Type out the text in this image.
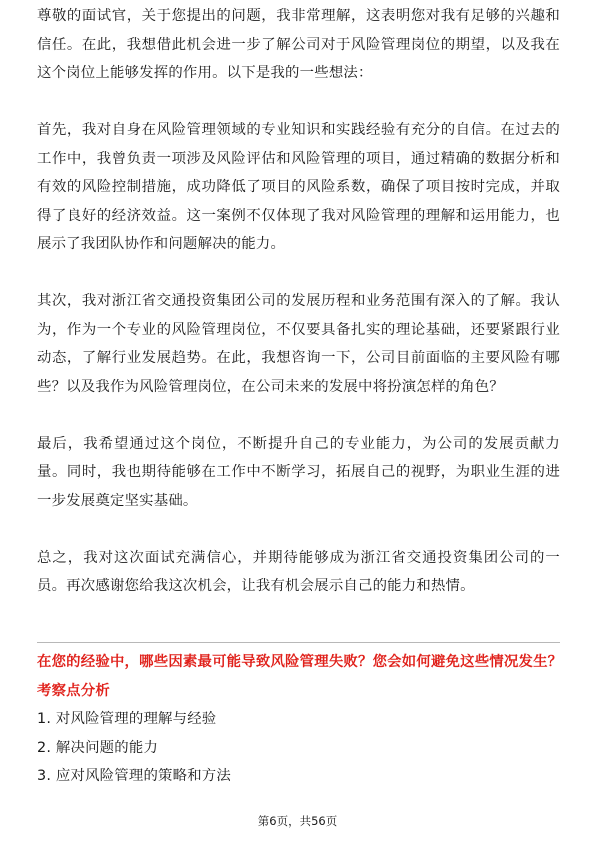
尊敬的面试官，关于您提出的问题，我非常理解，这表明您对我有足够的兴趣和信任。在此，我想借此机会进一步了解公司对于风险管理岗位的期望，以及我在这个岗位上能够发挥的作用。以下是我的一些想法：

首先，我对自身在风险管理领域的专业知识和实践经验有充分的自信。在过去的工作中，我曾负责一项涉及风险评估和风险管理的项目，通过精确的数据分析和有效的风险控制措施，成功降低了项目的风险系数，确保了项目按时完成，并取得了良好的经济效益。这一案例不仅体现了我对风险管理的理解和运用能力，也展示了我团队协作和问题解决的能力。

其次，我对浙江省交通投资集团公司的发展历程和业务范围有深入的了解。我认为，作为一个专业的风险管理岗位，不仅要具备扎实的理论基础，还要紧跟行业动态，了解行业发展趋势。在此，我想咨询一下，公司目前面临的主要风险有哪些？以及我作为风险管理岗位，在公司未来的发展中将扮演怎样的角色？

最后，我希望通过这个岗位，不断提升自己的专业能力，为公司的发展贡献力量。同时，我也期待能够在工作中不断学习，拓展自己的视野，为职业生涯的进一步发展奠定坚实基础。

总之，我对这次面试充满信心，并期待能够成为浙江省交通投资集团公司的一员。再次感谢您给我这次机会，让我有机会展示自己的能力和热情。

在您的经验中，哪些因素最可能导致风险管理失败？您会如何避免这些情况发生？

考察点分析

1. 对风险管理的理解与经验
2. 解决问题的能力
3. 应对风险管理的策略和方法
第6页，共56页
